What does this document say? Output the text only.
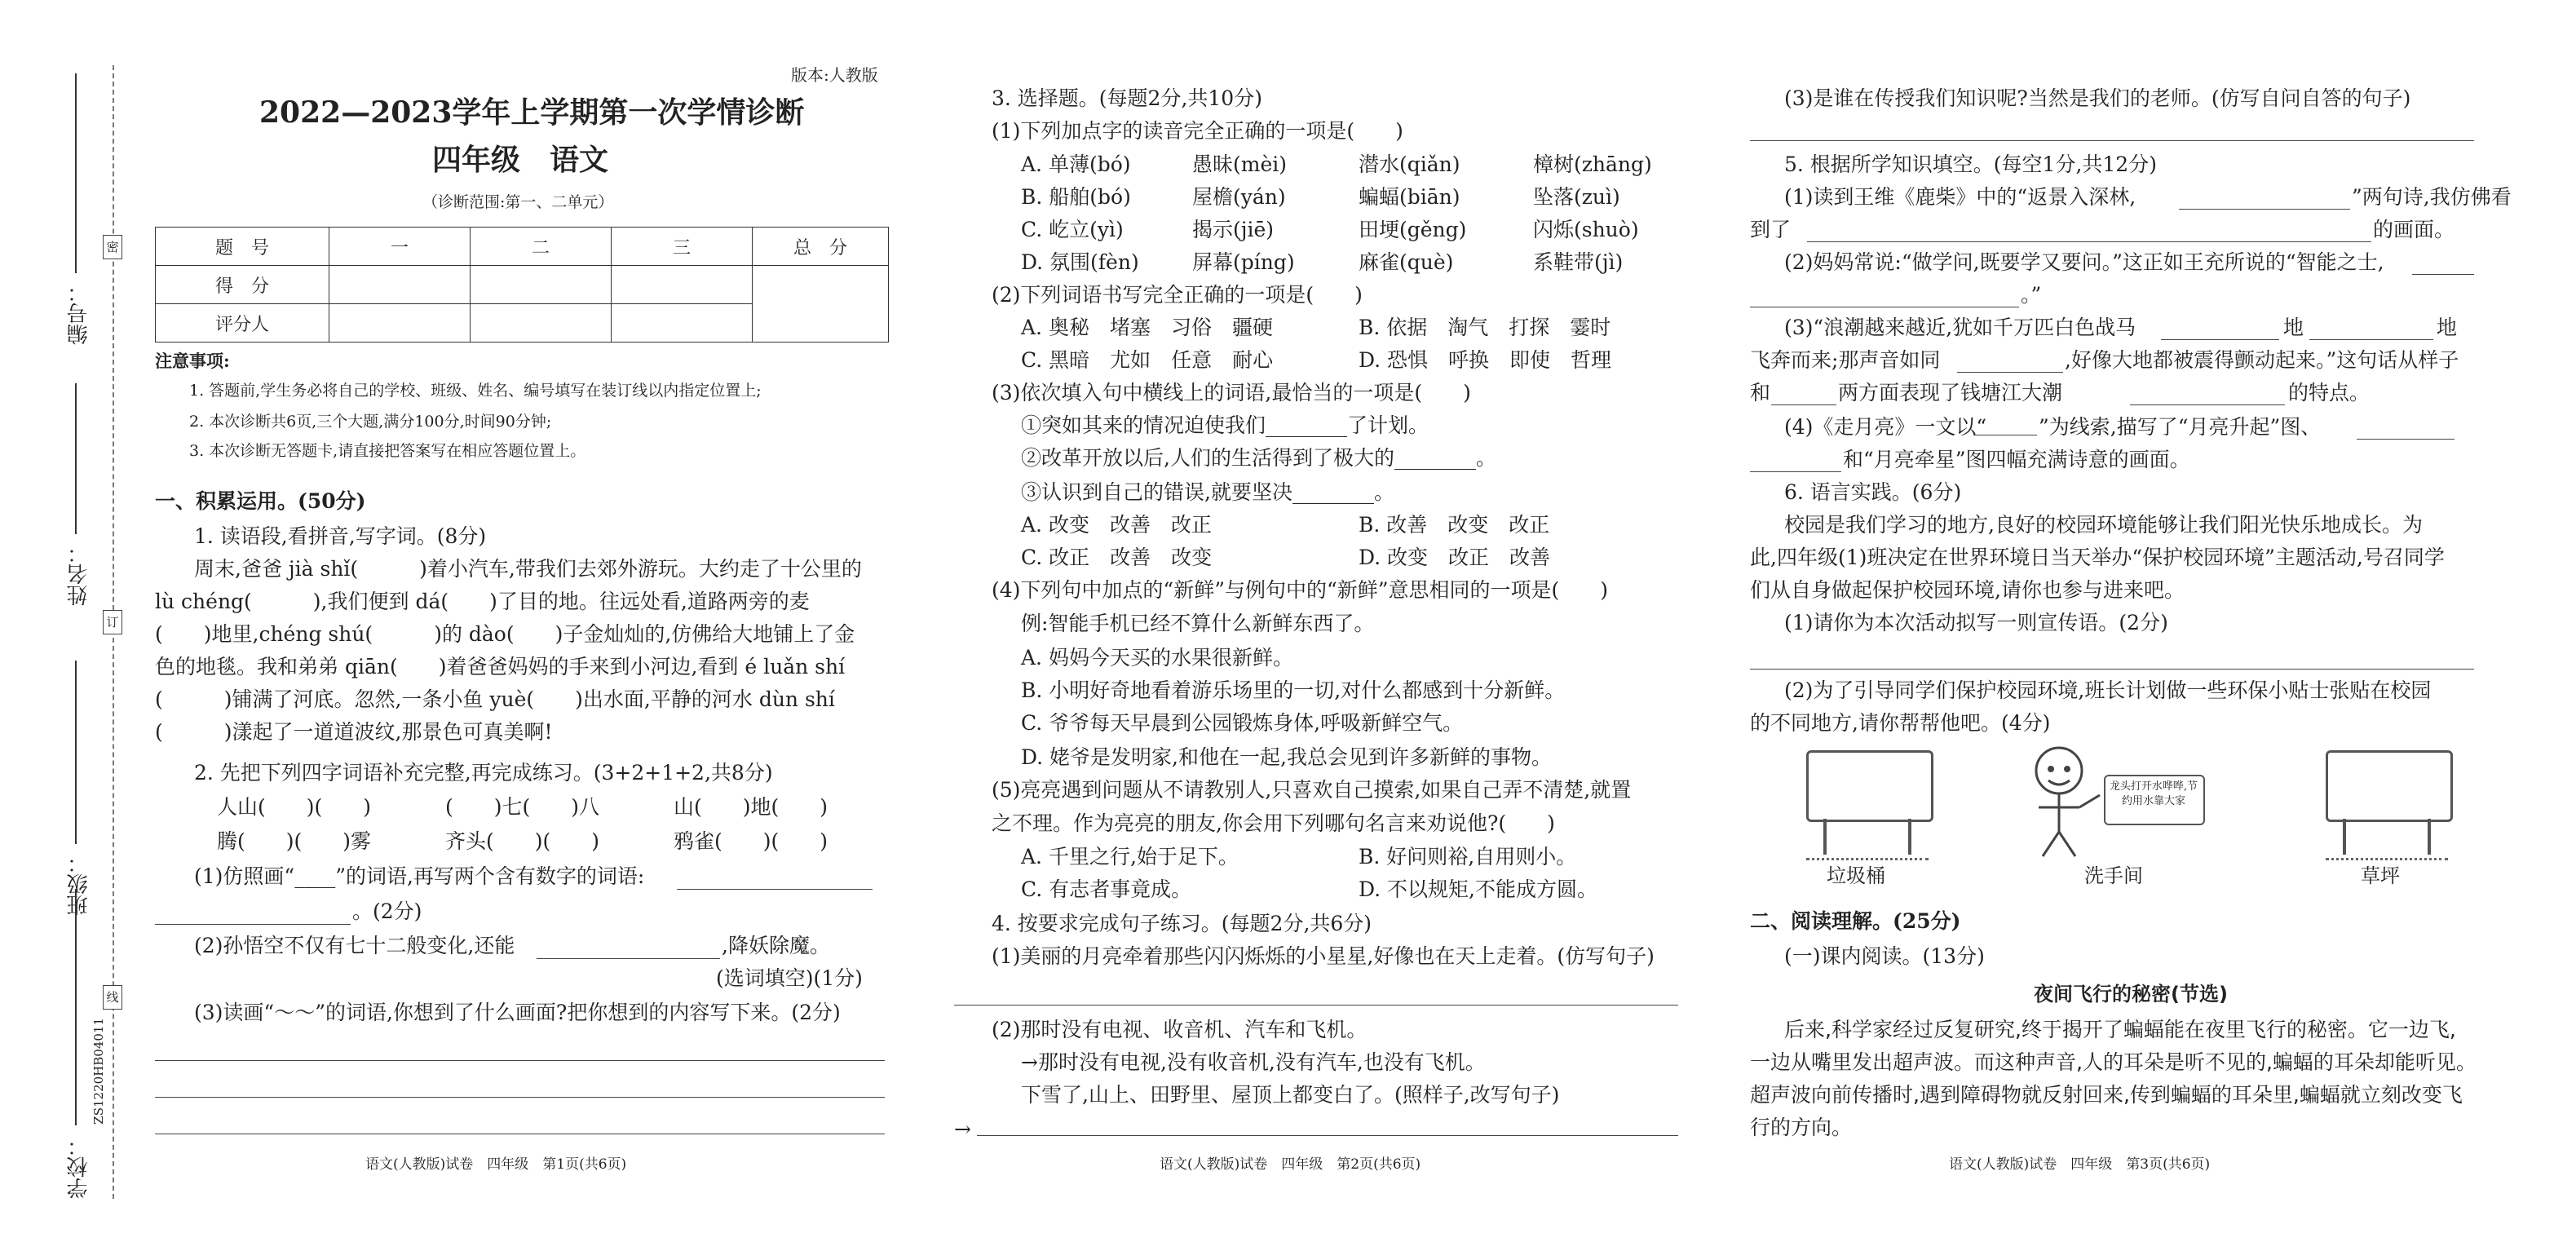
密
订
线
编号：
姓名：
班级：
学校：
ZS1220HB04011
版本:人教版
2022—2023学年上学期第一次学情诊断
四年级　语文
（诊断范围:第一、二单元）
题　号	一	二	三	总　分
得　分				
评分人				
注意事项:
1. 答题前,学生务必将自己的学校、班级、姓名、编号填写在装订线以内指定位置上;
2. 本次诊断共6页,三个大题,满分100分,时间90分钟;
3. 本次诊断无答题卡,请直接把答案写在相应答题位置上。
一、积累运用。(50分)
1. 读语段,看拼音,写字词。(8分)
周末,爸爸 jià shǐ(　　　)着小汽车,带我们去郊外游玩。大约走了十公里的
lù chéng(　　　),我们便到 dá(　　)了目的地。往远处看,道路两旁的麦
(　　)地里,chéng shú(　　　)的 dào(　　)子金灿灿的,仿佛给大地铺上了金
色的地毯。我和弟弟 qiān(　　)着爸爸妈妈的手来到小河边,看到 é luǎn shí
(　　　)铺满了河底。忽然,一条小鱼 yuè(　　)出水面,平静的河水 dùn shí
(　　　)漾起了一道道波纹,那景色可真美啊!
2. 先把下列四字词语补充完整,再完成练习。(3+2+1+2,共8分)
人山(　　)(　　)	(　　)七(　　)八	山(　　)地(　　)
腾(　　)(　　)雾	齐头(　　)(　　)	鸦雀(　　)(　　)
(1)仿照画“____”的词语,再写两个含有数字的词语:
。(2分)
(2)孙悟空不仅有七十二般变化,还能	,降妖除魔。
(选词填空)(1分)
(3)读画“～～”的词语,你想到了什么画面?把你想到的内容写下来。(2分)
语文(人教版)试卷　四年级　第1页(共6页)
3. 选择题。(每题2分,共10分)
(1)下列加点字的读音完全正确的一项是(　　)
A. 单薄(bó)	愚昧(mèi)	潜水(qiǎn)	樟树(zhāng)
B. 船舶(bó)	屋檐(yán)	蝙蝠(biān)	坠落(zuì)
C. 屹立(yì)	揭示(jiē)	田埂(gěng)	闪烁(shuò)
D. 氛围(fèn)	屏幕(píng)	麻雀(què)	系鞋带(jì)
(2)下列词语书写完全正确的一项是(　　)
A. 奥秘　堵塞　习俗　疆硬	B. 依据　淘气　打探　霎时
C. 黑暗　尤如　任意　耐心	D. 恐惧　呼换　即使　哲理
(3)依次填入句中横线上的词语,最恰当的一项是(　　)
①突如其来的情况迫使我们________了计划。
②改革开放以后,人们的生活得到了极大的________。
③认识到自己的错误,就要坚决________。
A. 改变　改善　改正	B. 改善　改变　改正
C. 改正　改善　改变	D. 改变　改正　改善
(4)下列句中加点的“新鲜”与例句中的“新鲜”意思相同的一项是(　　)
例:智能手机已经不算什么新鲜东西了。
A. 妈妈今天买的水果很新鲜。
B. 小明好奇地看着游乐场里的一切,对什么都感到十分新鲜。
C. 爷爷每天早晨到公园锻炼身体,呼吸新鲜空气。
D. 姥爷是发明家,和他在一起,我总会见到许多新鲜的事物。
(5)亮亮遇到问题从不请教别人,只喜欢自己摸索,如果自己弄不清楚,就置
之不理。作为亮亮的朋友,你会用下列哪句名言来劝说他?(　　)
A. 千里之行,始于足下。	B. 好问则裕,自用则小。
C. 有志者事竟成。	D. 不以规矩,不能成方圆。
4. 按要求完成句子练习。(每题2分,共6分)
(1)美丽的月亮牵着那些闪闪烁烁的小星星,好像也在天上走着。(仿写句子)
(2)那时没有电视、收音机、汽车和飞机。
→那时没有电视,没有收音机,没有汽车,也没有飞机。
下雪了,山上、田野里、屋顶上都变白了。(照样子,改写句子)
→
语文(人教版)试卷　四年级　第2页(共6页)
(3)是谁在传授我们知识呢?当然是我们的老师。(仿写自问自答的句子)
5. 根据所学知识填空。(每空1分,共12分)
(1)读到王维《鹿柴》中的“返景入深林,	”两句诗,我仿佛看
到了	的画面。
(2)妈妈常说:“做学问,既要学又要问。”这正如王充所说的“智能之士,
。”
(3)“浪潮越来越近,犹如千万匹白色战马	地	地
飞奔而来;那声音如同	,好像大地都被震得颤动起来。”这句话从样子
和	两方面表现了钱塘江大潮	的特点。
(4)《走月亮》一文以“	”为线索,描写了“月亮升起”图、
和“月亮牵星”图四幅充满诗意的画面。
6. 语言实践。(6分)
校园是我们学习的地方,良好的校园环境能够让我们阳光快乐地成长。为
此,四年级(1)班决定在世界环境日当天举办“保护校园环境”主题活动,号召同学
们从自身做起保护校园环境,请你也参与进来吧。
(1)请你为本次活动拟写一则宣传语。(2分)
(2)为了引导同学们保护校园环境,班长计划做一些环保小贴士张贴在校园
的不同地方,请你帮帮他吧。(4分)
垃圾桶
龙头打开水哗哗,节约用水靠大家
洗手间	草坪
二、阅读理解。(25分)
(一)课内阅读。(13分)
夜间飞行的秘密(节选)
后来,科学家经过反复研究,终于揭开了蝙蝠能在夜里飞行的秘密。它一边飞,
一边从嘴里发出超声波。而这种声音,人的耳朵是听不见的,蝙蝠的耳朵却能听见。
超声波向前传播时,遇到障碍物就反射回来,传到蝙蝠的耳朵里,蝙蝠就立刻改变飞
行的方向。
语文(人教版)试卷　四年级　第3页(共6页)
